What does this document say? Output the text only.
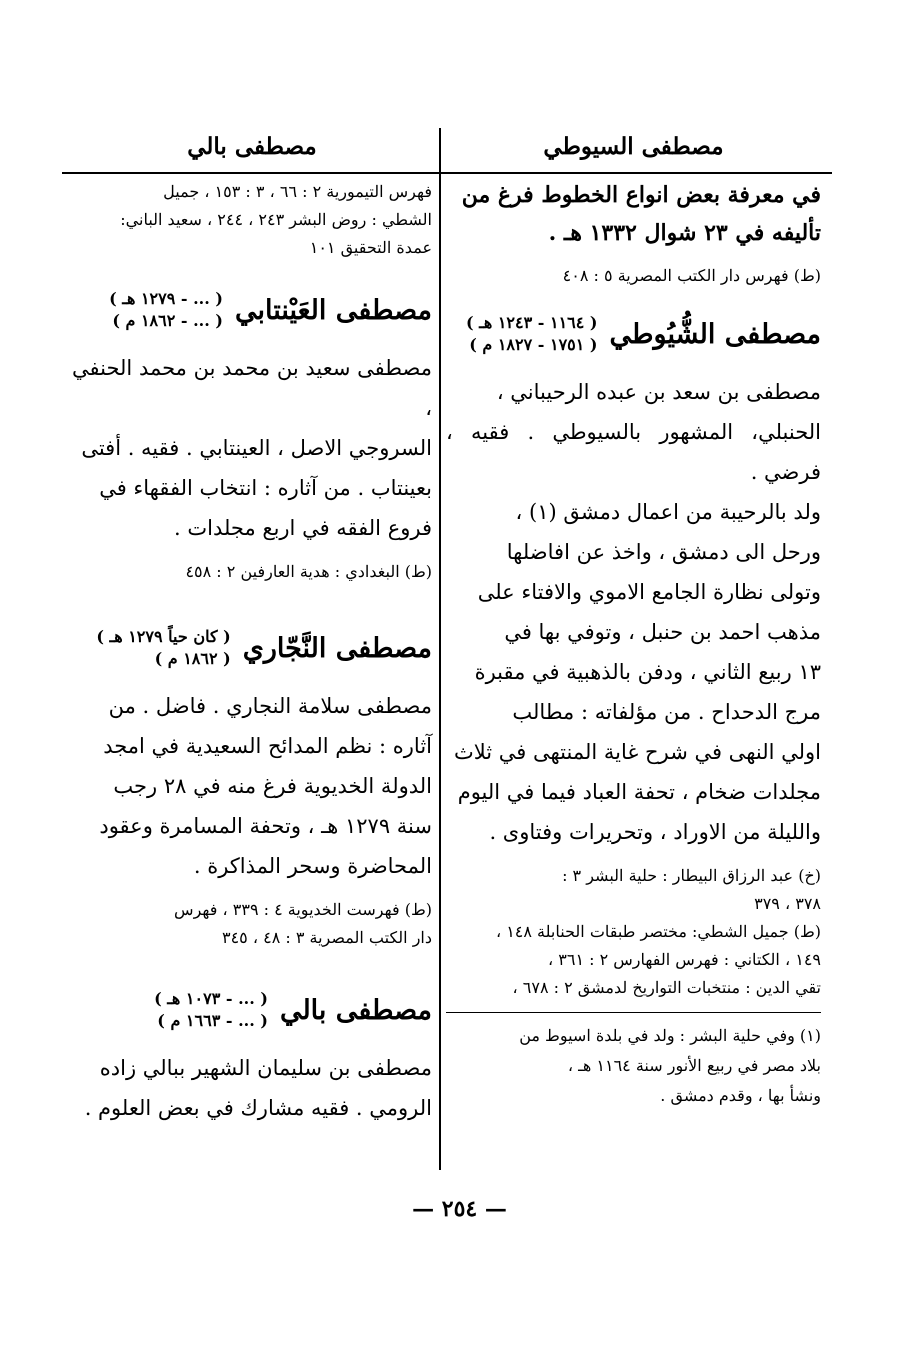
مصطفى السيوطي

في معرفة بعض انواع الخطوط فرغ من

تأليفه في ٢٣ شوال ١٣٣٢ هـ .

(ط) فهرس دار الكتب المصرية ٥ : ٤٠٨

مصطفى الشُّيُوطي
( ١١٦٤ - ١٢٤٣ هـ )
( ١٧٥١ - ١٨٢٧ م )

مصطفى بن سعد بن عبده الرحيباني ،

الحنبلي، المشهور بالسيوطي . فقيه ، فرضي .

ولد بالرحيبة من اعمال دمشق (١) ،

ورحل الى دمشق ، واخذ عن افاضلها

وتولى نظارة الجامع الاموي والافتاء على

مذهب احمد بن حنبل ، وتوفي بها في

١٣ ربيع الثاني ، ودفن بالذهبية في مقبرة

مرج الدحداح . من مؤلفاته : مطالب

اولي النهى في شرح غاية المنتهى في ثلاث

مجلدات ضخام ، تحفة العباد فيما في اليوم

والليلة من الاوراد ، وتحريرات وفتاوى .

(خ) عبد الرزاق البيطار : حلية البشر ٣ :

٣٧٨ ، ٣٧٩

(ط) جميل الشطي: مختصر طبقات الحنابلة ١٤٨ ،

١٤٩ ، الكتاني : فهرس الفهارس ٢ : ٣٦١ ،

تقي الدين : منتخبات التواريخ لدمشق ٢ : ٦٧٨ ،

(١) وفي حلية البشر : ولد في بلدة اسيوط من

بلاد مصر في ربيع الأنور سنة ١١٦٤ هـ ،

ونشأ بها ، وقدم دمشق .

مصطفى بالي

فهرس التيمورية ٢ : ٦٦ ، ٣ : ١٥٣ ، جميل

الشطي : روض البشر ٢٤٣ ، ٢٤٤ ، سعيد الباني:

عمدة التحقيق ١٠١

مصطفى العَيْنتابي
( ... - ١٢٧٩ هـ )
( ... - ١٨٦٢ م )

مصطفى سعيد بن محمد بن محمد الحنفي ،

السروجي الاصل ، العينتابي . فقيه . أفتى

بعينتاب . من آثاره : انتخاب الفقهاء في

فروع الفقه في اربع مجلدات .

(ط) البغدادي : هدية العارفين ٢ : ٤٥٨

مصطفى النَّجّاري
( كان حياً ١٢٧٩ هـ )
( ١٨٦٢ م )

مصطفى سلامة النجاري . فاضل . من

آثاره : نظم المدائح السعيدية في امجد

الدولة الخديوية فرغ منه في ٢٨ رجب

سنة ١٢٧٩ هـ ، وتحفة المسامرة وعقود

المحاضرة وسحر المذاكرة .

(ط) فهرست الخديوية ٤ : ٣٣٩ ، فهرس

دار الكتب المصرية ٣ : ٤٨ ، ٣٤٥

مصطفى بالي
( ... - ١٠٧٣ هـ )
( ... - ١٦٦٣ م )

مصطفى بن سليمان الشهير ببالي زاده

الرومي . فقيه مشارك في بعض العلوم .

— ٢٥٤ —
